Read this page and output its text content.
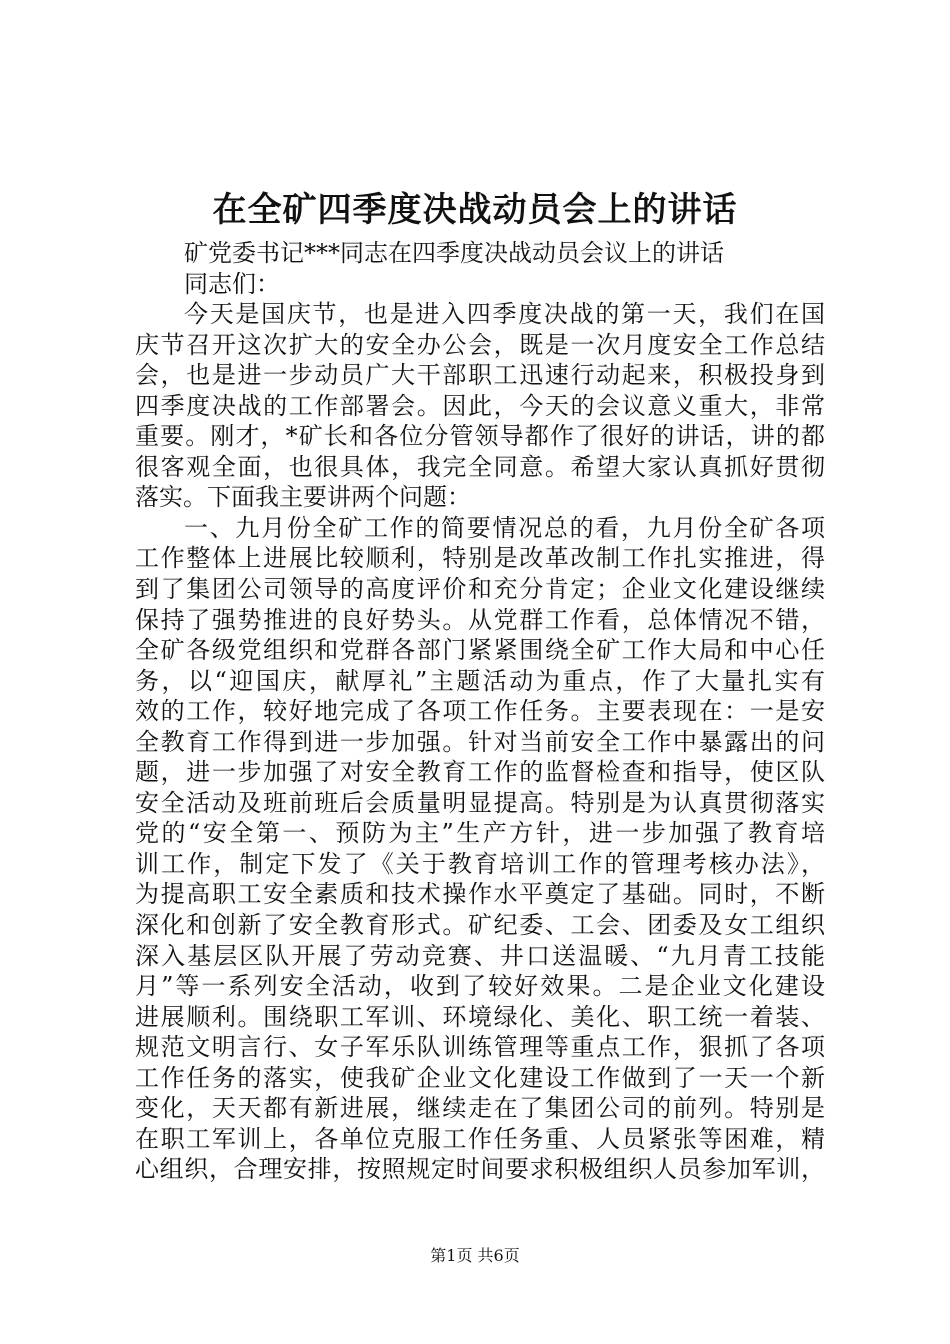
在全矿四季度决战动员会上的讲话
矿党委书记***同志在四季度决战动员会议上的讲话
同志们：
今天是国庆节，也是进入四季度决战的第一天，我们在国
庆节召开这次扩大的安全办公会，既是一次月度安全工作总结
会，也是进一步动员广大干部职工迅速行动起来，积极投身到
四季度决战的工作部署会。因此，今天的会议意义重大，非常
重要。刚才，*矿长和各位分管领导都作了很好的讲话，讲的都
很客观全面，也很具体，我完全同意。希望大家认真抓好贯彻
落实。下面我主要讲两个问题：
一、九月份全矿工作的简要情况总的看，九月份全矿各项
工作整体上进展比较顺利，特别是改革改制工作扎实推进，得
到了集团公司领导的高度评价和充分肯定；企业文化建设继续
保持了强势推进的良好势头。从党群工作看，总体情况不错，
全矿各级党组织和党群各部门紧紧围绕全矿工作大局和中心任
务，以“迎国庆，献厚礼”主题活动为重点，作了大量扎实有
效的工作，较好地完成了各项工作任务。主要表现在：一是安
全教育工作得到进一步加强。针对当前安全工作中暴露出的问
题，进一步加强了对安全教育工作的监督检查和指导，使区队
安全活动及班前班后会质量明显提高。特别是为认真贯彻落实
党的“安全第一、预防为主”生产方针，进一步加强了教育培
训工作，制定下发了《关于教育培训工作的管理考核办法》，
为提高职工安全素质和技术操作水平奠定了基础。同时，不断
深化和创新了安全教育形式。矿纪委、工会、团委及女工组织
深入基层区队开展了劳动竞赛、井口送温暖、“九月青工技能
月”等一系列安全活动，收到了较好效果。二是企业文化建设
进展顺利。围绕职工军训、环境绿化、美化、职工统一着装、
规范文明言行、女子军乐队训练管理等重点工作，狠抓了各项
工作任务的落实，使我矿企业文化建设工作做到了一天一个新
变化，天天都有新进展，继续走在了集团公司的前列。特别是
在职工军训上，各单位克服工作任务重、人员紧张等困难，精
心组织，合理安排，按照规定时间要求积极组织人员参加军训，
第1页 共6页
